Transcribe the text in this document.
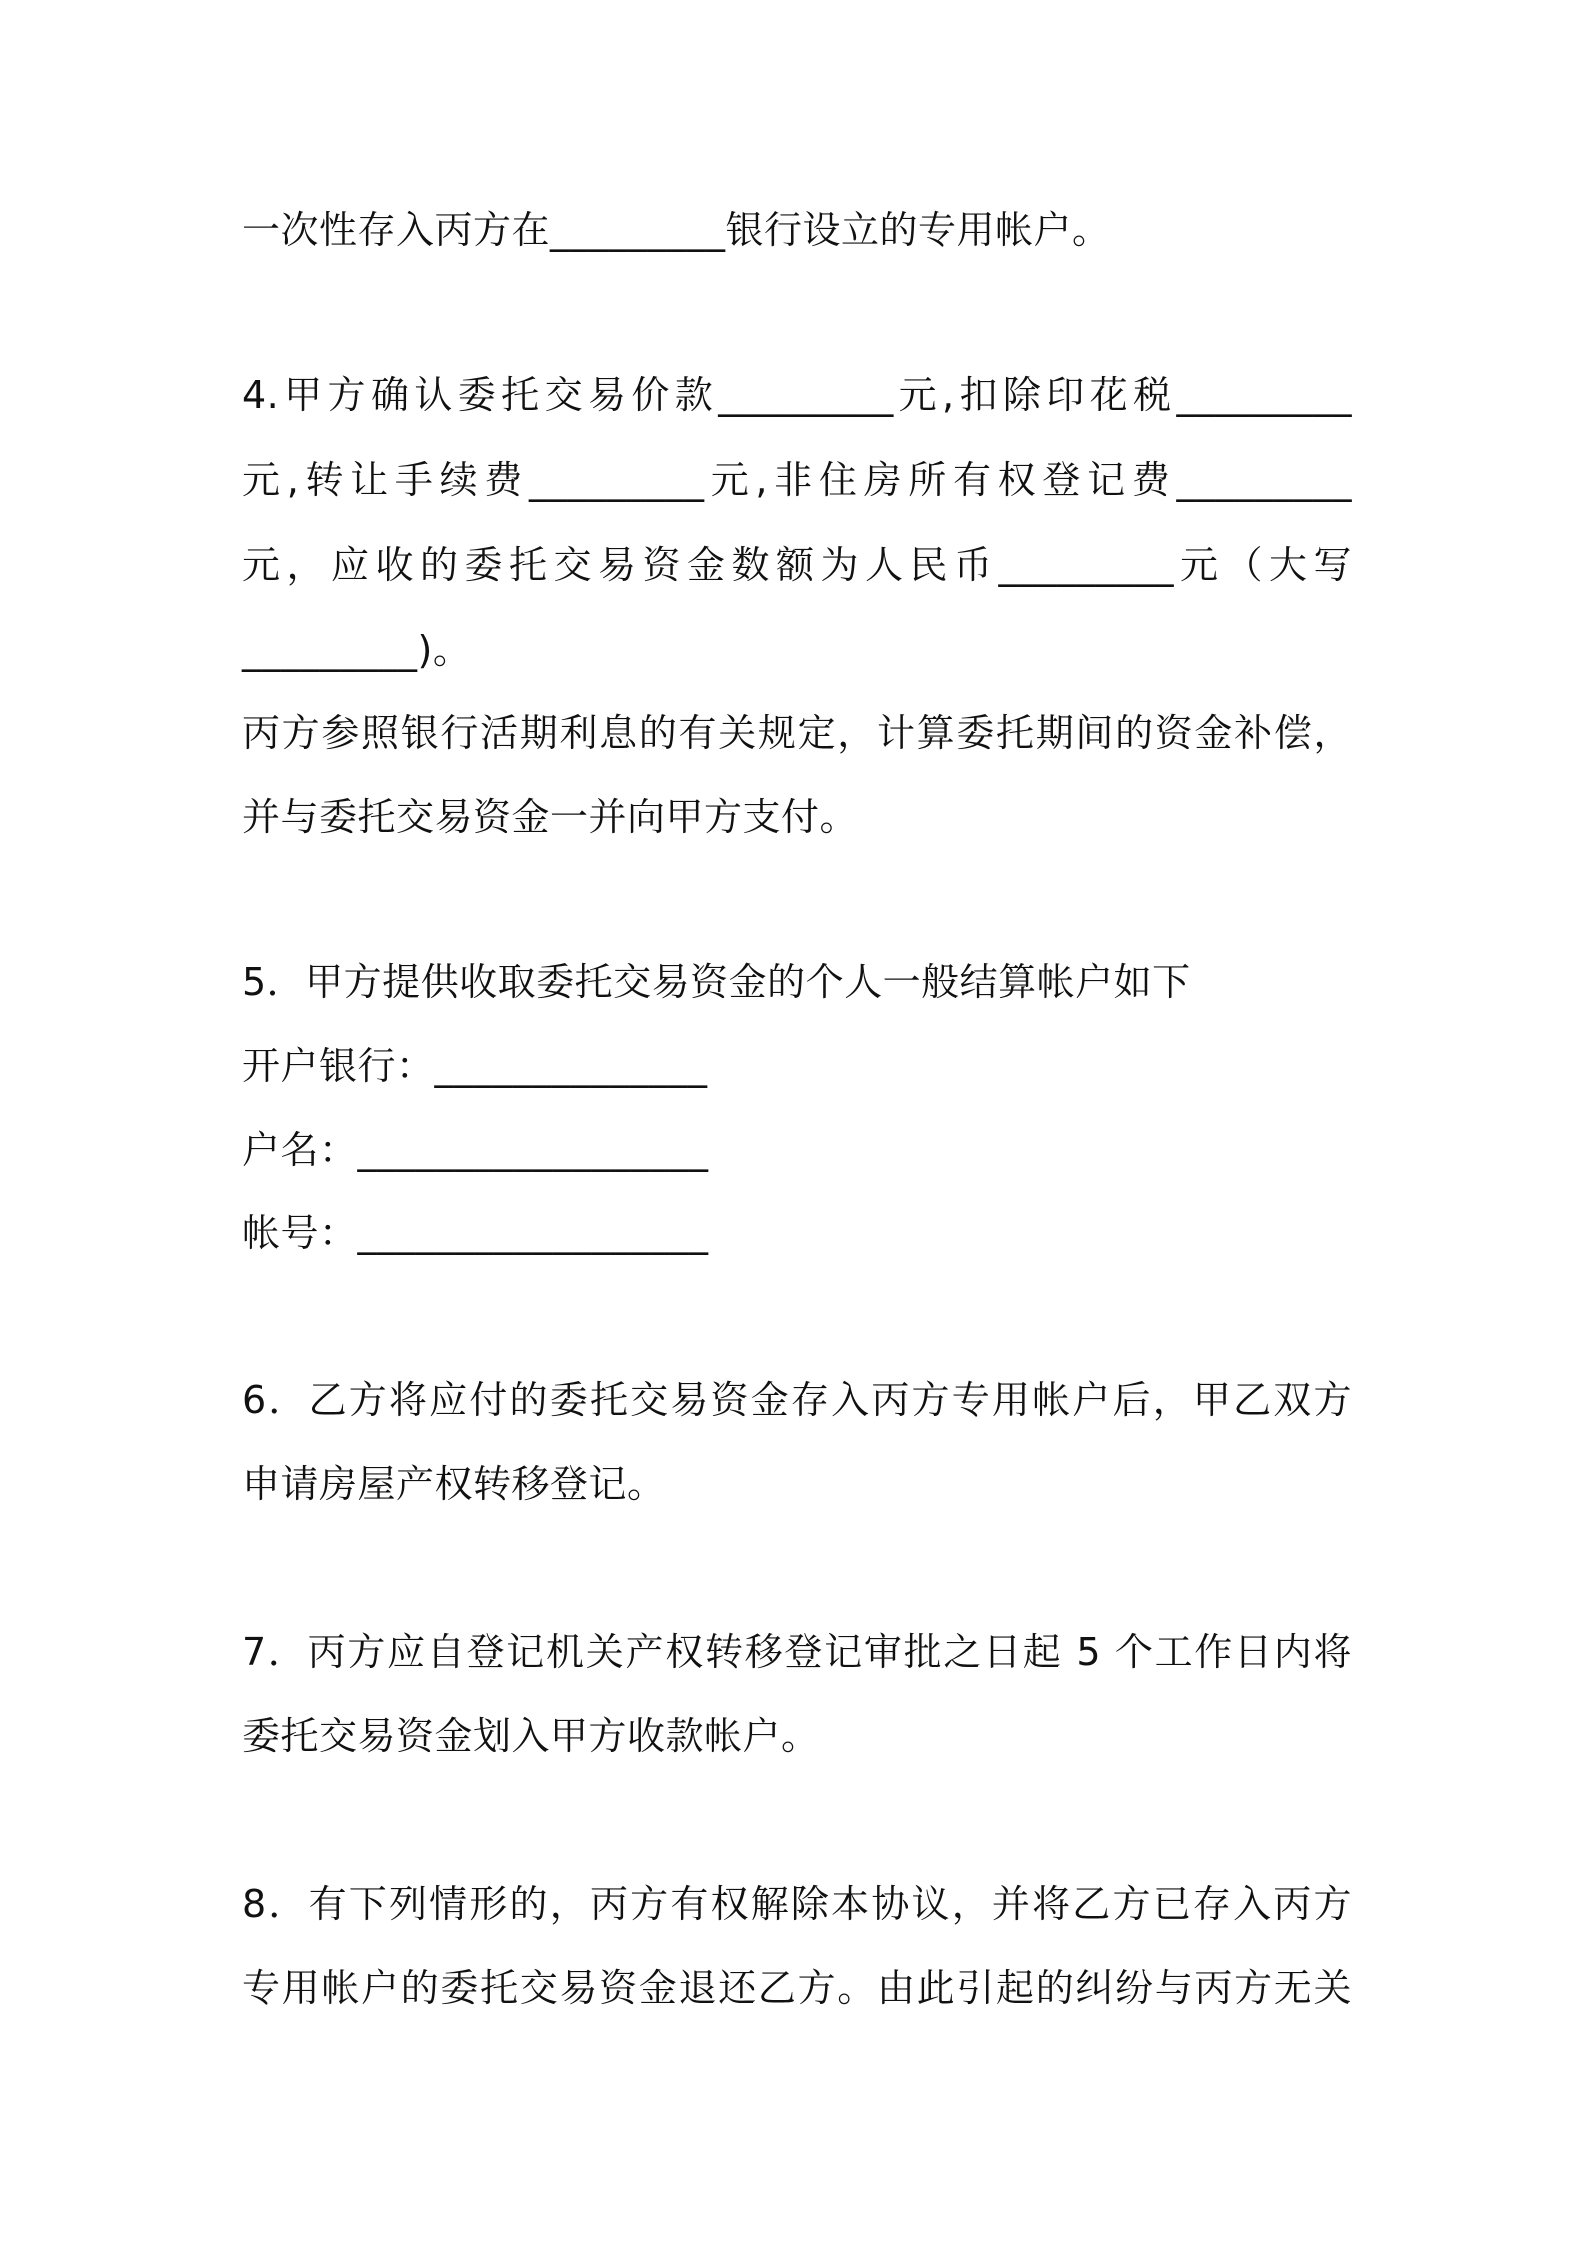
一次性存入丙方在_________银行设立的专用帐户。
4.甲方确认委托交易价款_________元,扣除印花税_________
元,转让手续费_________元,非住房所有权登记费_________
元，应收的委托交易资金数额为人民币_________元（大写
_________)。
丙方参照银行活期利息的有关规定，计算委托期间的资金补偿，
并与委托交易资金一并向甲方支付。
5．甲方提供收取委托交易资金的个人一般结算帐户如下
开户银行：______________
户名：__________________
帐号：__________________
6．乙方将应付的委托交易资金存入丙方专用帐户后，甲乙双方
申请房屋产权转移登记。
7．丙方应自登记机关产权转移登记审批之日起 5 个工作日内将
委托交易资金划入甲方收款帐户。
8．有下列情形的，丙方有权解除本协议，并将乙方已存入丙方
专用帐户的委托交易资金退还乙方。由此引起的纠纷与丙方无关
